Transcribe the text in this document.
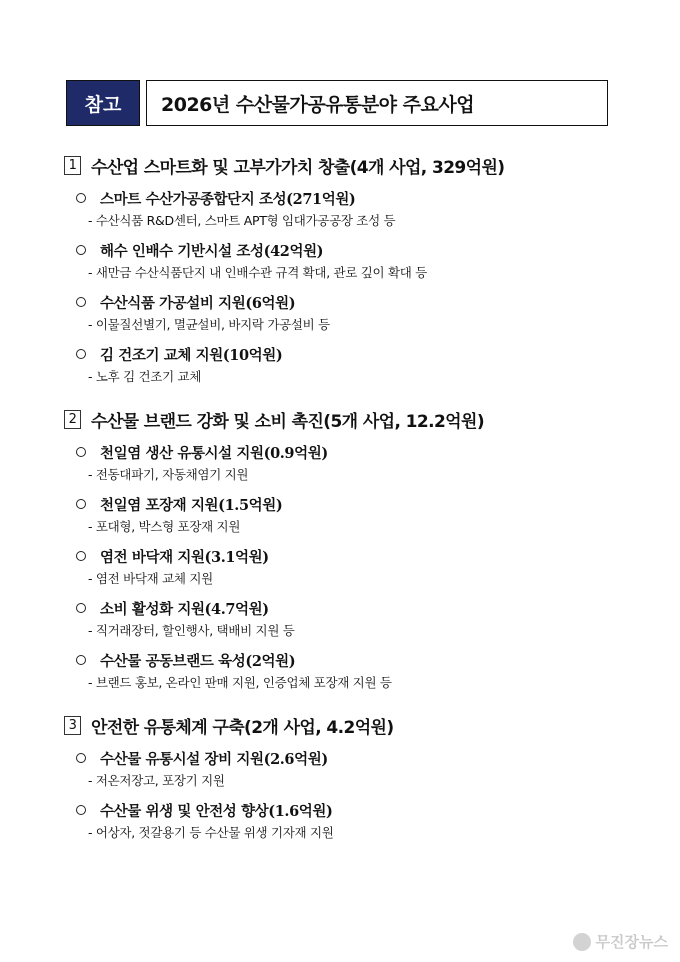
참고	2026년 수산물가공유통분야 주요사업
1 수산업 스마트화 및 고부가가치 창출(4개 사업, 329억원)
스마트 수산가공종합단지 조성(271억원)
- 수산식품 R&D센터, 스마트 APT형 임대가공공장 조성 등
해수 인배수 기반시설 조성(42억원)
- 새만금 수산식품단지 내 인배수관 규격 확대, 관로 깊이 확대 등
수산식품 가공설비 지원(6억원)
- 이물질선별기, 멸균설비, 바지락 가공설비 등
김 건조기 교체 지원(10억원)
- 노후 김 건조기 교체
2 수산물 브랜드 강화 및 소비 촉진(5개 사업, 12.2억원)
천일염 생산 유통시설 지원(0.9억원)
- 전동대파기, 자동채염기 지원
천일염 포장재 지원(1.5억원)
- 포대형, 박스형 포장재 지원
염전 바닥재 지원(3.1억원)
- 염전 바닥재 교체 지원
소비 활성화 지원(4.7억원)
- 직거래장터, 할인행사, 택배비 지원 등
수산물 공동브랜드 육성(2억원)
- 브랜드 홍보, 온라인 판매 지원, 인증업체 포장재 지원 등
3 안전한 유통체계 구축(2개 사업, 4.2억원)
수산물 유통시설 장비 지원(2.6억원)
- 저온저장고, 포장기 지원
수산물 위생 및 안전성 향상(1.6억원)
- 어상자, 젓갈용기 등 수산물 위생 기자재 지원
무진장뉴스
